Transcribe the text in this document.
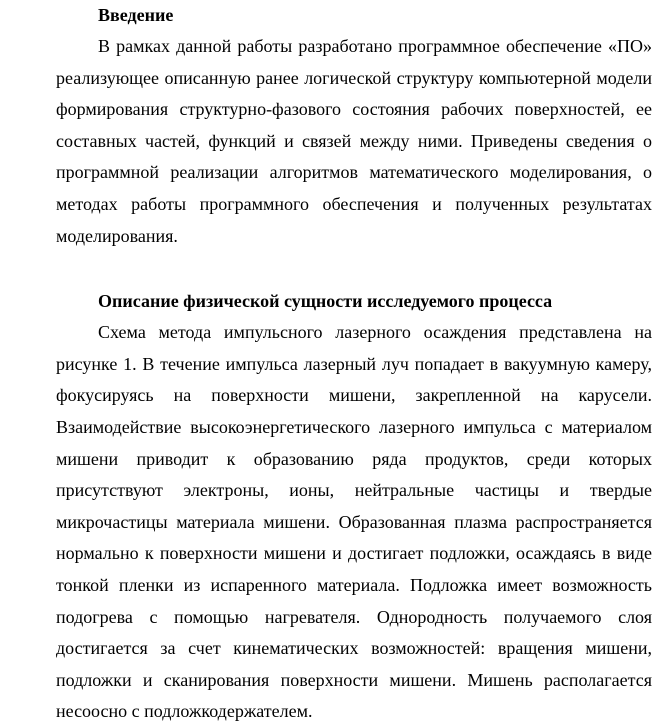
Введение

В рамках данной работы разработано программное обеспечение «ПО» реализующее описанную ранее логической структуру компьютерной модели формирования структурно-фазового состояния рабочих поверхностей, ее составных частей, функций и связей между ними. Приведены сведения о программной реализации алгоритмов математического моделирования, о методах работы программного обеспечения и полученных результатах моделирования.

Описание физической сущности исследуемого процесса

Схема метода импульсного лазерного осаждения представлена на рисунке 1. В течение импульса лазерный луч попадает в вакуумную камеру, фокусируясь на поверхности мишени, закрепленной на карусели. Взаимодействие высокоэнергетического лазерного импульса с материалом мишени приводит к образованию ряда продуктов, среди которых присутствуют электроны, ионы, нейтральные частицы и твердые микрочастицы материала мишени. Образованная плазма распространяется нормально к поверхности мишени и достигает подложки, осаждаясь в виде тонкой пленки из испаренного материала. Подложка имеет возможность подогрева с помощью нагревателя. Однородность получаемого слоя достигается за счет кинематических возможностей: вращения мишени, подложки и сканирования поверхности мишени. Мишень располагается несоосно с подложкодержателем.
